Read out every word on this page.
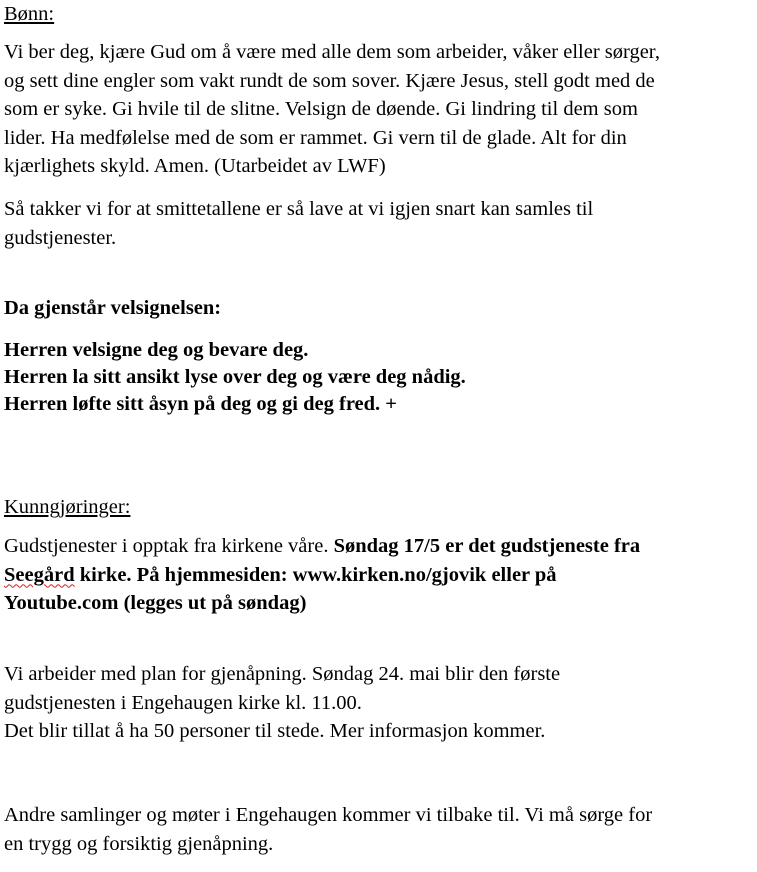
Bønn:

Vi ber deg, kjære Gud om å være med alle dem som arbeider, våker eller sørger,
og sett dine engler som vakt rundt de som sover. Kjære Jesus, stell godt med de
som er syke. Gi hvile til de slitne. Velsign de døende. Gi lindring til dem som
lider. Ha medfølelse med de som er rammet. Gi vern til de glade. Alt for din
kjærlighets skyld. Amen. (Utarbeidet av LWF)
Så takker vi for at smittetallene er så lave at vi igjen snart kan samles til
gudstjenester.

Da gjenstår velsignelsen:

Herren velsigne deg og bevare deg.
Herren la sitt ansikt lyse over deg og være deg nådig.
Herren løfte sitt åsyn på deg og gi deg fred. +

Kunngjøringer:

Gudstjenester i opptak fra kirkene våre. Søndag 17/5 er det gudstjeneste fra
Seegård kirke. På hjemmesiden: www.kirken.no/gjovik eller på
Youtube.com (legges ut på søndag)
Vi arbeider med plan for gjenåpning. Søndag 24. mai blir den første
gudstjenesten i Engehaugen kirke kl. 11.00.
Det blir tillat å ha 50 personer til stede. Mer informasjon kommer.
Andre samlinger og møter i Engehaugen kommer vi tilbake til. Vi må sørge for
en trygg og forsiktig gjenåpning.
